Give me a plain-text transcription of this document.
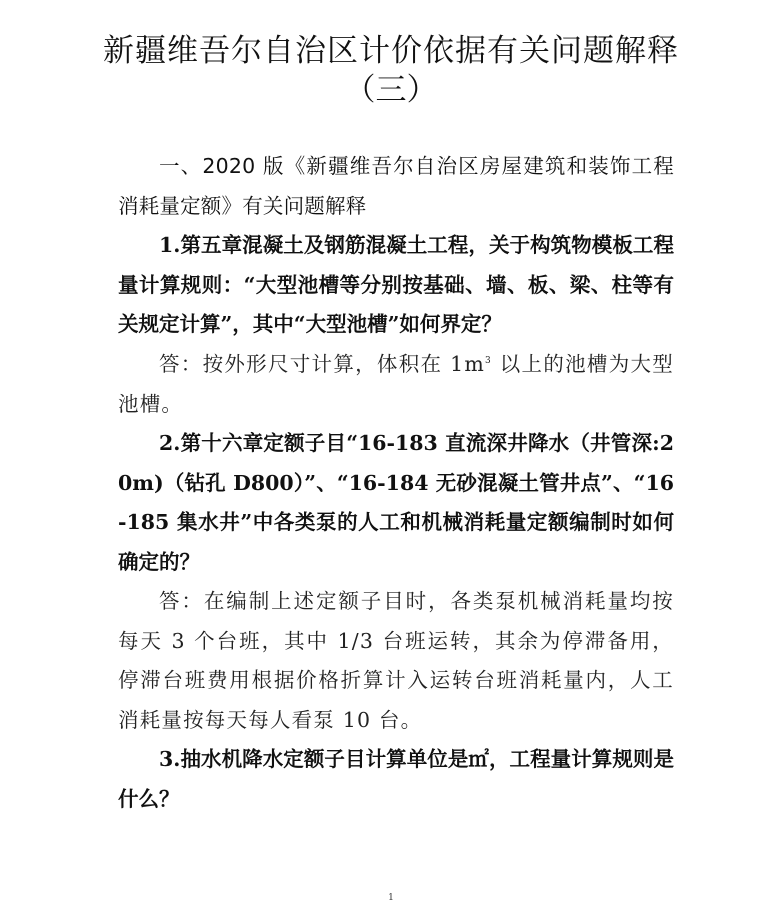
新疆维吾尔自治区计价依据有关问题解释
（三）

一、2020 版《新疆维吾尔自治区房屋建筑和装饰工程消耗量定额》有关问题解释

1.第五章混凝土及钢筋混凝土工程，关于构筑物模板工程量计算规则：“大型池槽等分别按基础、墙、板、梁、柱等有关规定计算”，其中“大型池槽”如何界定？

答：按外形尺寸计算，体积在 $1m^3$ 以上的池槽为大型池槽。

2.第十六章定额子目“16-183 直流深井降水（井管深:20m)（钻孔 D800）”、“16-184 无砂混凝土管井点”、“16-185 集水井”中各类泵的人工和机械消耗量定额编制时如何确定的？

答：在编制上述定额子目时，各类泵机械消耗量均按每天 3 个台班，其中 1/3 台班运转，其余为停滞备用，停滞台班费用根据价格折算计入运转台班消耗量内，人工消耗量按每天每人看泵 10 台。

3.抽水机降水定额子目计算单位是㎡，工程量计算规则是什么？

1
